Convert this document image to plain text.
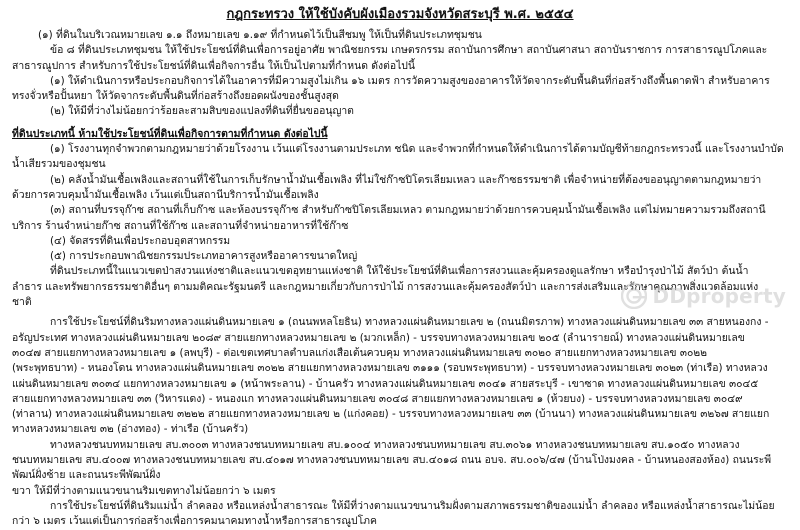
กฎกระทรวง ให้ใช้บังคับผังเมืองรวมจังหวัดสระบุรี พ.ศ. ๒๕๕๔

(๑) ที่ดินในบริเวณหมายเลข ๑.๑ ถึงหมายเลข ๑.๑๙ ที่กำหนดไว้เป็นสีชมพู ให้เป็นที่ดินประเภทชุมชน

ข้อ ๘ ที่ดินประเภทชุมชน ให้ใช้ประโยชน์ที่ดินเพื่อการอยู่อาศัย พาณิชยกรรม เกษตรกรรม สถาบันการศึกษา สถาบันศาสนา สถาบันราชการ การสาธารณูปโภคและ

สาธารณูปการ สำหรับการใช้ประโยชน์ที่ดินเพื่อกิจการอื่น ให้เป็นไปตามที่กำหนด ดังต่อไปนี้

(๑) ให้ดำเนินการหรือประกอบกิจการได้ในอาคารที่มีความสูงไม่เกิน ๑๖ เมตร การวัดความสูงของอาคารให้วัดจากระดับพื้นดินที่ก่อสร้างถึงพื้นดาดฟ้า สำหรับอาคาร

ทรงจั่วหรือปั้นหยา ให้วัดจากระดับพื้นดินที่ก่อสร้างถึงยอดผนังของชั้นสูงสุด

(๒) ให้มีที่ว่างไม่น้อยกว่าร้อยละสามสิบของแปลงที่ดินที่ยื่นขออนุญาต

ที่ดินประเภทนี้ ห้ามใช้ประโยชน์ที่ดินเพื่อกิจการตามที่กำหนด ดังต่อไปนี้

(๑) โรงงานทุกจำพวกตามกฎหมายว่าด้วยโรงงาน เว้นแต่โรงงานตามประเภท ชนิด และจำพวกที่กำหนดให้ดำเนินการได้ตามบัญชีท้ายกฎกระทรวงนี้ และโรงงานบำบัด

น้ำเสียรวมของชุมชน

(๒) คลังน้ำมันเชื้อเพลิงและสถานที่ใช้ในการเก็บรักษาน้ำมันเชื้อเพลิง ที่ไม่ใช่ก๊าซปิโตรเลียมเหลว และก๊าซธรรมชาติ เพื่อจำหน่ายที่ต้องขออนุญาตตามกฎหมายว่า

ด้วยการควบคุมน้ำมันเชื้อเพลิง เว้นแต่เป็นสถานีบริการน้ำมันเชื้อเพลิง

(๓) สถานที่บรรจุก๊าซ สถานที่เก็บก๊าซ และห้องบรรจุก๊าซ สำหรับก๊าซปิโตรเลียมเหลว ตามกฎหมายว่าด้วยการควบคุมน้ำมันเชื้อเพลิง แต่ไม่หมายความรวมถึงสถานี

บริการ ร้านจำหน่ายก๊าซ สถานที่ใช้ก๊าซ และสถานที่จำหน่ายอาหารที่ใช้ก๊าซ

(๔) จัดสรรที่ดินเพื่อประกอบอุตสาหกรรม

(๕) การประกอบพาณิชยกรรมประเภทอาคารสูงหรืออาคารขนาดใหญ่

ที่ดินประเภทนี้ในแนวเขตป่าสงวนแห่งชาติและแนวเขตอุทยานแห่งชาติ ให้ใช้ประโยชน์ที่ดินเพื่อการสงวนและคุ้มครองดูแลรักษา หรือบำรุงป่าไม้ สัตว์ป่า ต้นน้ำ

ลำธาร และทรัพยากรธรรมชาติอื่นๆ ตามมติคณะรัฐมนตรี และกฎหมายเกี่ยวกับการป่าไม้ การสงวนและคุ้มครองสัตว์ป่า และการส่งเสริมและรักษาคุณภาพสิ่งแวดล้อมแห่ง

ชาติ

การใช้ประโยชน์ที่ดินริมทางหลวงแผ่นดินหมายเลข ๑ (ถนนพหลโยธิน) ทางหลวงแผ่นดินหมายเลข ๒ (ถนนมิตรภาพ) ทางหลวงแผ่นดินหมายเลข ๓๓ สายหนองกง -

อรัญประเทศ ทางหลวงแผ่นดินหมายเลข ๒๐๘๙ สายแยกทางหลวงหมายเลข ๒ (มวกเหล็ก) - บรรจบทางหลวงหมายเลข ๒๐๕ (ลำนารายณ์) ทางหลวงแผ่นดินหมายเลข

๓๐๔๗ สายแยกทางหลวงหมายเลข ๑ (ลพบุรี) - ต่อเขตเทศบาลตำบลแก่งเสือเต้นควบคุม ทางหลวงแผ่นดินหมายเลข ๓๐๒๐ สายแยกทางหลวงหมายเลข ๓๐๒๒

(พระพุทธบาท) - หนองโดน ทางหลวงแผ่นดินหมายเลข ๓๐๒๒ สายแยกทางหลวงหมายเลข ๓๑๑๑ (รอบพระพุทธบาท) - บรรจบทางหลวงหมายเลข ๓๐๒๓ (ท่าเรือ) ทางหลวง

แผ่นดินหมายเลข ๓๐๓๔ แยกทางหลวงหมายเลข ๑ (หน้าพระลาน) - บ้านครัว ทางหลวงแผ่นดินหมายเลข ๓๐๔๑ สายสระบุรี - เขาซาด ทางหลวงแผ่นดินหมายเลข ๓๐๔๕

สายแยกทางหลวงหมายเลข ๓๓ (วิหารแดง) - หนองแก ทางหลวงแผ่นดินหมายเลข ๓๐๔๘ สายแยกทางหลวงหมายเลข ๑ (ห้วยบง) - บรรจบทางหลวงหมายเลข ๓๐๔๙

(ท่าลาน) ทางหลวงแผ่นดินหมายเลข ๓๒๒๒ สายแยกทางหลวงหมายเลข ๒ (แก่งคอย) - บรรจบทางหลวงหมายเลข ๓๓ (บ้านนา) ทางหลวงแผ่นดินหมายเลข ๓๒๖๗ สายแยก

ทางหลวงหมายเลข ๓๒ (อ่างทอง) - ท่าเรือ (บ้านครัว)

ทางหลวงชนบทหมายเลข สบ.๓๐๐๓ ทางหลวงชนบทหมายเลข สบ.๑๐๐๔ ทางหลวงชนบทหมายเลข สบ.๓๐๖๑ ทางหลวงชนบทหมายเลข สบ.๑๐๕๐ ทางหลวง

ชนบทหมายเลข สบ.๔๐๐๗ ทางหลวงชนบทหมายเลข สบ.๔๐๑๗ ทางหลวงชนบทหมายเลข สบ.๔๐๑๘ ถนน อบจ. สบ.๐๐๖/๔๗ (บ้านโป่งมงคล - บ้านหนองสองห้อง) ถนนระพีพัฒน์ฝั่งซ้าย และถนนระพีพัฒน์ฝั่ง

ขวา ให้มีที่ว่างตามแนวขนานริมเขตทางไม่น้อยกว่า ๖ เมตร

การใช้ประโยชน์ที่ดินริมแม่น้ำ ลำคลอง หรือแหล่งน้ำสาธารณะ ให้มีที่ว่างตามแนวขนานริมฝั่งตามสภาพธรรมชาติของแม่น้ำ ลำคลอง หรือแหล่งน้ำสาธารณะไม่น้อย

กว่า ๖ เมตร เว้นแต่เป็นการก่อสร้างเพื่อการคมนาคมทางน้ำหรือการสาธารณูปโภค

DDproperty
